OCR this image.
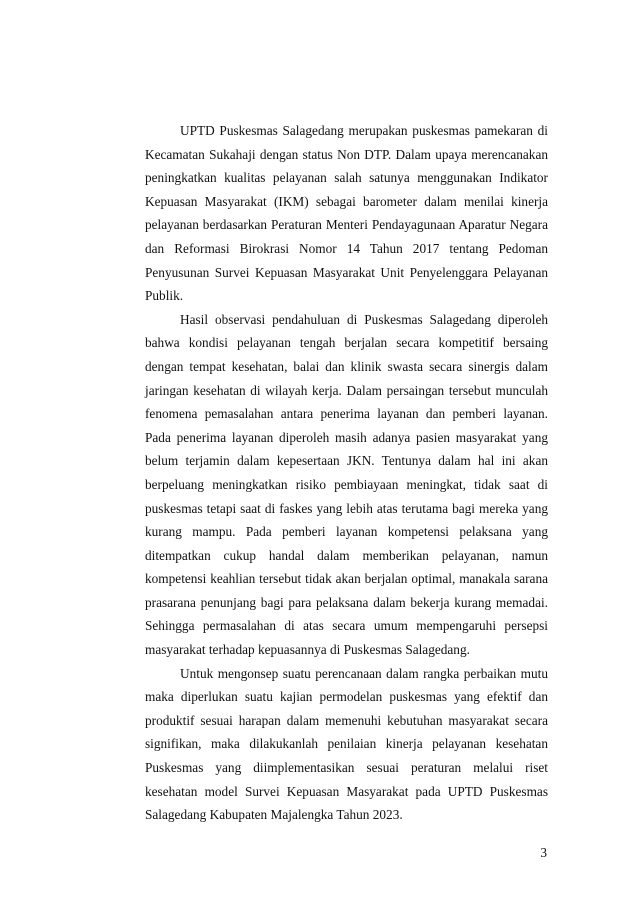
UPTD Puskesmas Salagedang merupakan puskesmas pamekaran di Kecamatan Sukahaji dengan status Non DTP. Dalam upaya merencanakan peningkatkan kualitas pelayanan salah satunya menggunakan Indikator Kepuasan Masyarakat (IKM) sebagai barometer dalam menilai kinerja pelayanan berdasarkan Peraturan Menteri Pendayagunaan Aparatur Negara dan Reformasi Birokrasi Nomor 14 Tahun 2017 tentang Pedoman Penyusunan Survei Kepuasan Masyarakat Unit Penyelenggara Pelayanan Publik.

Hasil observasi pendahuluan di Puskesmas Salagedang diperoleh bahwa kondisi pelayanan tengah berjalan secara kompetitif bersaing dengan tempat kesehatan, balai dan klinik swasta secara sinergis dalam jaringan kesehatan di wilayah kerja. Dalam persaingan tersebut munculah fenomena pemasalahan antara penerima layanan dan pemberi layanan. Pada penerima layanan diperoleh masih adanya pasien masyarakat yang belum terjamin dalam kepesertaan JKN. Tentunya dalam hal ini akan berpeluang meningkatkan risiko pembiayaan meningkat, tidak saat di puskesmas tetapi saat di faskes yang lebih atas terutama bagi mereka yang kurang mampu. Pada pemberi layanan kompetensi pelaksana yang ditempatkan cukup handal dalam memberikan pelayanan, namun kompetensi keahlian tersebut tidak akan berjalan optimal, manakala sarana prasarana penunjang bagi para pelaksana dalam bekerja kurang memadai. Sehingga permasalahan di atas secara umum mempengaruhi persepsi masyarakat terhadap kepuasannya di Puskesmas Salagedang.

Untuk mengonsep suatu perencanaan dalam rangka perbaikan mutu maka diperlukan suatu kajian permodelan puskesmas yang efektif dan produktif sesuai harapan dalam memenuhi kebutuhan masyarakat secara signifikan, maka dilakukanlah penilaian kinerja pelayanan kesehatan Puskesmas yang diimplementasikan sesuai peraturan melalui riset kesehatan model Survei Kepuasan Masyarakat pada UPTD Puskesmas Salagedang Kabupaten Majalengka Tahun 2023.

3
